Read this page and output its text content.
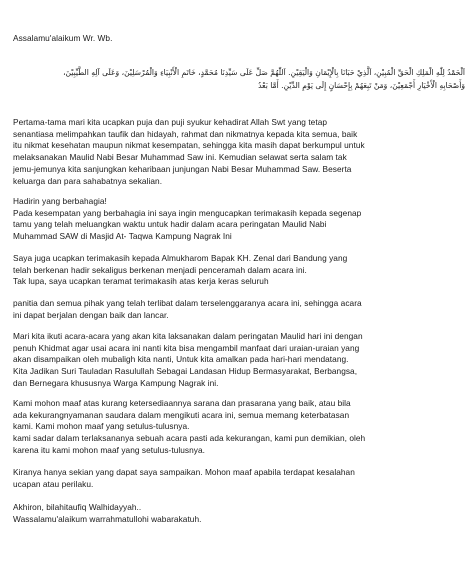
Assalamu'alaikum Wr. Wb.
اَلْحَمْدُ لِلّٰهِ الْمَلِكِ الْحَقِّ الْمُبِيْنِ، اَلَّذِيْ حَبَانَا بِالْإِيْمَانِ وَالْيَقِيْنِ. اَللّٰهُمَّ صَلِّ عَلَى سَيِّدِنَا مُحَمَّدٍ، خَاتَمِ الْأَنْبِيَاءِ وَالْمُرْسَلِيْنَ، وَعَلَى آلِهِ الطَّيِّبِيْنَ،
وَأَصْحَابِهِ الْأَخْيَارِ أَجْمَعِيْنَ، وَمَنْ تَبِعَهُمْ بِإِحْسَانٍ إِلَى يَوْمِ الدِّيْنِ. أَمَّا بَعْدُ
Pertama-tama mari kita ucapkan puja dan puji syukur kehadirat Allah Swt yang tetap
senantiasa melimpahkan taufik dan hidayah, rahmat dan nikmatnya kepada kita semua, baik
itu nikmat kesehatan maupun nikmat kesempatan, sehingga kita masih dapat berkumpul untuk
melaksanakan Maulid Nabi Besar Muhammad Saw ini. Kemudian selawat serta salam tak
jemu-jemunya kita sanjungkan keharibaan junjungan Nabi Besar Muhammad Saw. Beserta
keluarga dan para sahabatnya sekalian.
Hadirin yang berbahagia!
Pada kesempatan yang berbahagia ini saya ingin mengucapkan terimakasih kepada segenap
tamu yang telah meluangkan waktu untuk hadir dalam acara peringatan Maulid Nabi
Muhammad SAW di Masjid At- Taqwa Kampung Nagrak Ini
Saya juga ucapkan terimakasih kepada Almukharom Bapak KH. Zenal dari Bandung yang
telah berkenan hadir sekaligus berkenan menjadi penceramah dalam acara ini.
Tak lupa, saya ucapkan teramat terimakasih atas kerja keras seluruh
panitia dan semua pihak yang telah terlibat dalam terselenggaranya acara ini, sehingga acara
ini dapat berjalan dengan baik dan lancar.
Mari kita ikuti acara-acara yang akan kita laksanakan dalam peringatan Maulid hari ini dengan
penuh Khidmat agar usai acara ini nanti kita bisa mengambil manfaat dari uraian-uraian yang
akan disampaikan oleh mubaligh kita nanti, Untuk kita amalkan pada hari-hari mendatang.
Kita Jadikan Suri Tauladan Rasulullah Sebagai Landasan Hidup Bermasyarakat, Berbangsa,
dan Bernegara khususnya Warga Kampung Nagrak ini.
Kami mohon maaf atas kurang ketersediaannya sarana dan prasarana yang baik, atau bila
ada kekurangnyamanan saudara dalam mengikuti acara ini, semua memang keterbatasan
kami. Kami mohon maaf yang setulus-tulusnya.
kami sadar dalam terlaksananya sebuah acara pasti ada kekurangan, kami pun demikian, oleh
karena itu kami mohon maaf yang setulus-tulusnya.
Kiranya hanya sekian yang dapat saya sampaikan. Mohon maaf apabila terdapat kesalahan
ucapan atau perilaku.
Akhiron, bilahitaufiq Walhidayyah..
Wassalamu'alaikum warrahmatullohi wabarakatuh.
